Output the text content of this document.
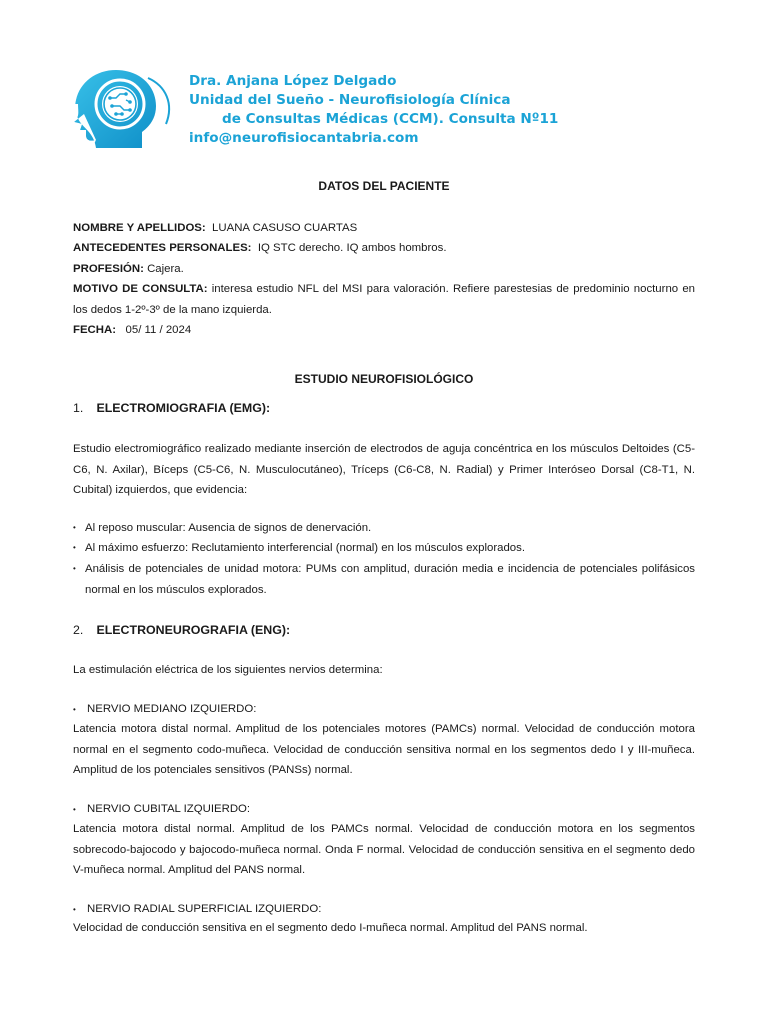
Dra. Anjana López Delgado
Unidad del Sueño - Neurofisiología Clínica
de Consultas Médicas (CCM). Consulta Nº11
info@neurofisiocantabria.com
DATOS DEL PACIENTE
NOMBRE Y APELLIDOS: LUANA CASUSO CUARTAS
ANTECEDENTES PERSONALES: IQ STC derecho. IQ ambos hombros.
PROFESIÓN: Cajera.
MOTIVO DE CONSULTA: interesa estudio NFL del MSI para valoración. Refiere parestesias de predominio nocturno en los dedos 1-2º-3º de la mano izquierda.
FECHA: 05/ 11 / 2024
ESTUDIO NEUROFISIOLÓGICO
1. ELECTROMIOGRAFIA (EMG):
Estudio electromiográfico realizado mediante inserción de electrodos de aguja concéntrica en los músculos Deltoides (C5-C6, N. Axilar), Bíceps (C5-C6, N. Musculocutáneo), Tríceps (C6-C8, N. Radial) y Primer Interóseo Dorsal (C8-T1, N. Cubital) izquierdos, que evidencia:
• Al reposo muscular: Ausencia de signos de denervación.
• Al máximo esfuerzo: Reclutamiento interferencial (normal) en los músculos explorados.
• Análisis de potenciales de unidad motora: PUMs con amplitud, duración media e incidencia de potenciales polifásicos normal en los músculos explorados.
2. ELECTRONEUROGRAFIA (ENG):
La estimulación eléctrica de los siguientes nervios determina:
• NERVIO MEDIANO IZQUIERDO:
Latencia motora distal normal. Amplitud de los potenciales motores (PAMCs) normal. Velocidad de conducción motora normal en el segmento codo-muñeca. Velocidad de conducción sensitiva normal en los segmentos dedo I y III-muñeca. Amplitud de los potenciales sensitivos (PANSs) normal.
• NERVIO CUBITAL IZQUIERDO:
Latencia motora distal normal. Amplitud de los PAMCs normal. Velocidad de conducción motora en los segmentos sobrecodo-bajocodo y bajocodo-muñeca normal. Onda F normal. Velocidad de conducción sensitiva en el segmento dedo V-muñeca normal. Amplitud del PANS normal.
• NERVIO RADIAL SUPERFICIAL IZQUIERDO:
Velocidad de conducción sensitiva en el segmento dedo I-muñeca normal. Amplitud del PANS normal.
